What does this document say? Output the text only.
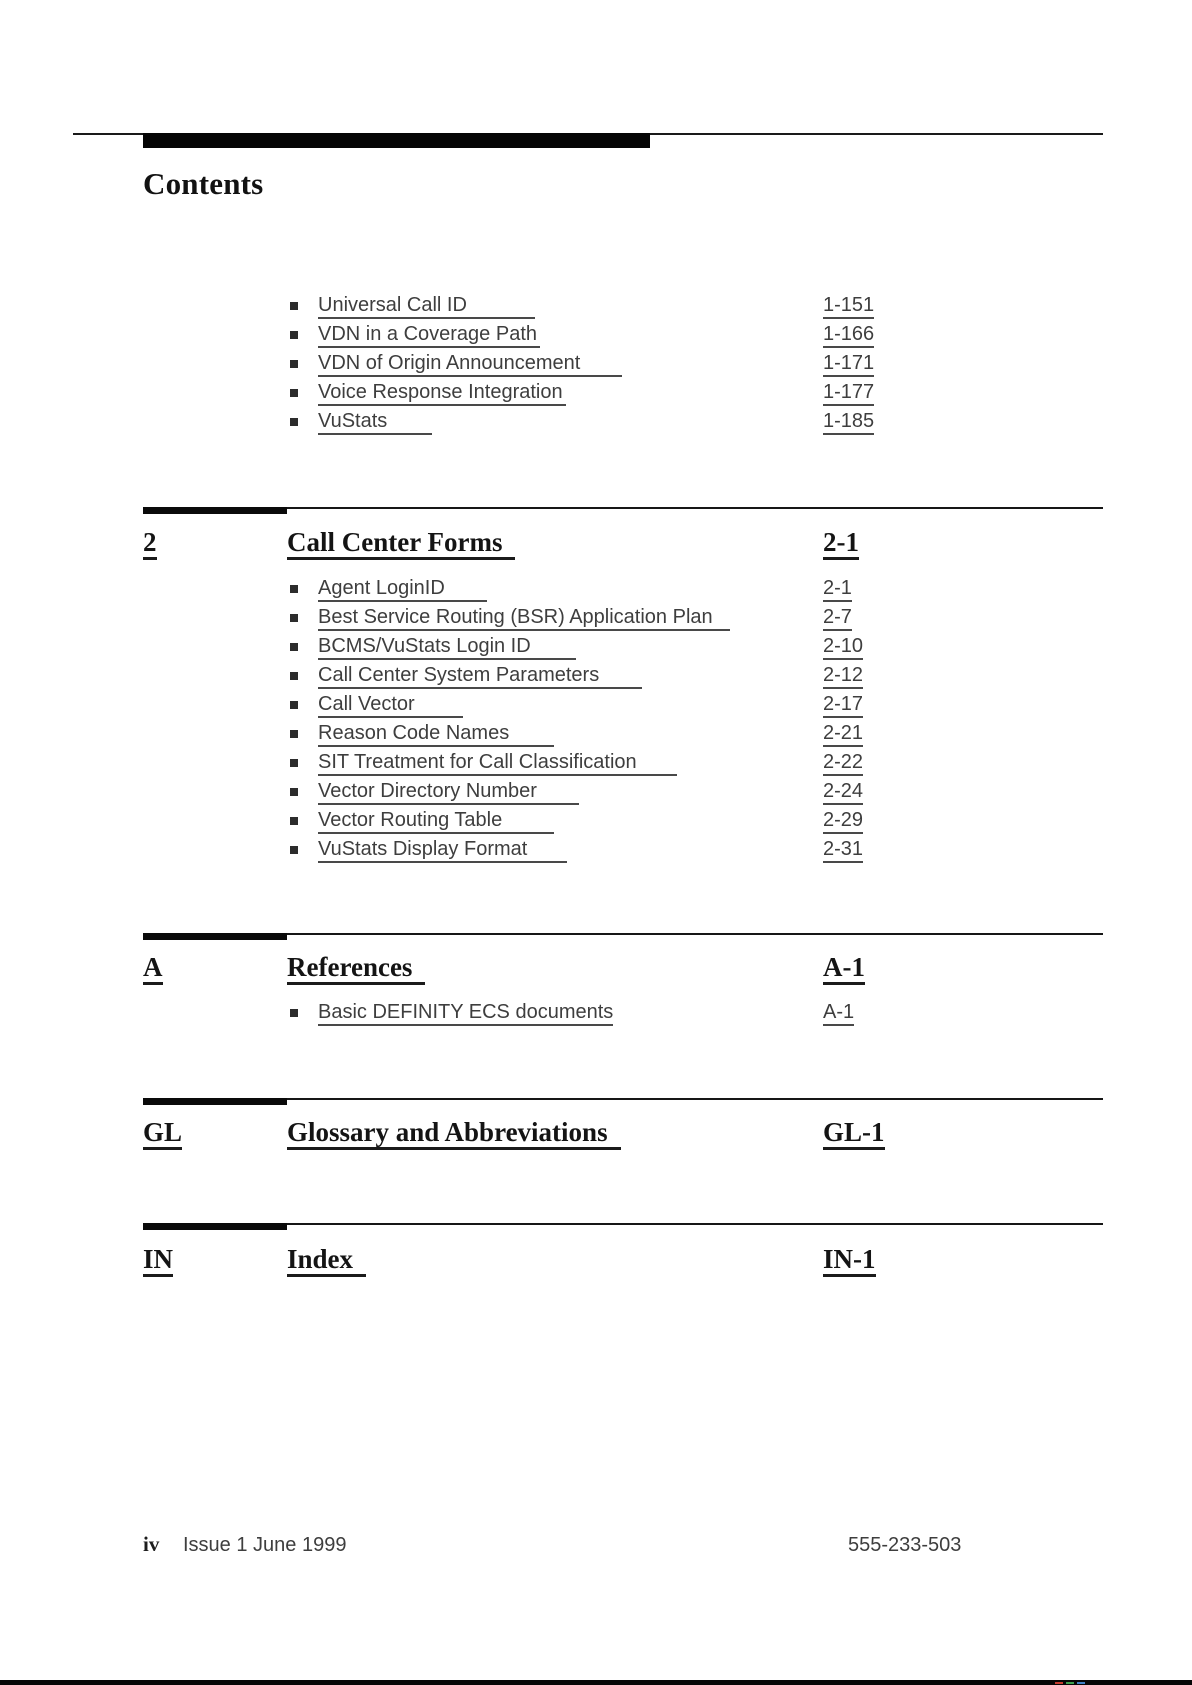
Contents
Universal Call ID	1-151
VDN in a Coverage Path	1-166
VDN of Origin Announcement	1-171
Voice Response Integration	1-177
VuStats	1-185
2	Call Center Forms	2-1
Agent LoginID	2-1
Best Service Routing (BSR) Application Plan	2-7
BCMS/VuStats Login ID	2-10
Call Center System Parameters	2-12
Call Vector	2-17
Reason Code Names	2-21
SIT Treatment for Call Classification	2-22
Vector Directory Number	2-24
Vector Routing Table	2-29
VuStats Display Format	2-31
A	References	A-1
Basic DEFINITY ECS documents	A-1
GL	Glossary and Abbreviations	GL-1
IN	Index	IN-1
iv Issue 1 June 1999	555-233-503
